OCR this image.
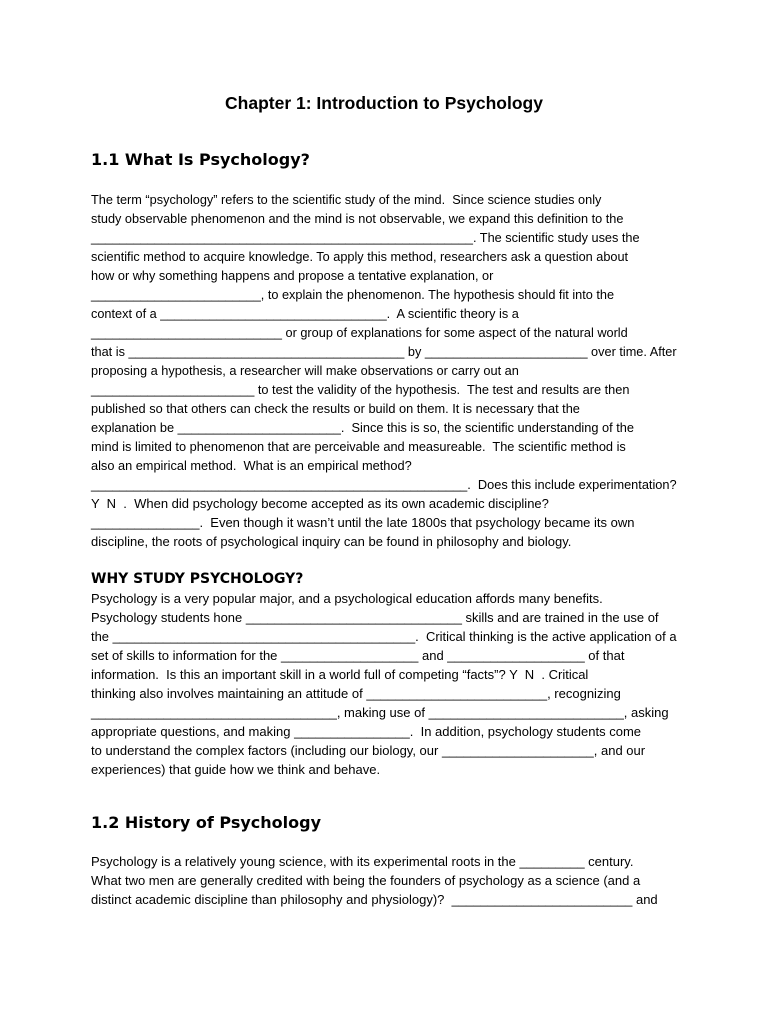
Chapter 1: Introduction to Psychology
1.1 What Is Psychology?
The term “psychology” refers to the scientific study of the mind.  Since science studies only
study observable phenomenon and the mind is not observable, we expand this definition to the
______________________________________________________. The scientific study uses the
scientific method to acquire knowledge. To apply this method, researchers ask a question about
how or why something happens and propose a tentative explanation, or
________________________, to explain the phenomenon. The hypothesis should fit into the
context of a ________________________________.  A scientific theory is a
___________________________ or group of explanations for some aspect of the natural world
that is _______________________________________ by _______________________ over time. After
proposing a hypothesis, a researcher will make observations or carry out an
_______________________ to test the validity of the hypothesis.  The test and results are then
published so that others can check the results or build on them. It is necessary that the
explanation be _______________________.  Since this is so, the scientific understanding of the
mind is limited to phenomenon that are perceivable and measureable.  The scientific method is
also an empirical method.  What is an empirical method?
_____________________________________________________.  Does this include experimentation?
Y  N  .  When did psychology become accepted as its own academic discipline?
_______________.  Even though it wasn’t until the late 1800s that psychology became its own
discipline, the roots of psychological inquiry can be found in philosophy and biology.
WHY STUDY PSYCHOLOGY?
Psychology is a very popular major, and a psychological education affords many benefits.
Psychology students hone ______________________________ skills and are trained in the use of
the __________________________________________.  Critical thinking is the active application of a
set of skills to information for the ___________________ and ___________________ of that
information.  Is this an important skill in a world full of competing “facts”? Y  N  . Critical
thinking also involves maintaining an attitude of _________________________, recognizing
__________________________________, making use of ___________________________, asking
appropriate questions, and making ________________.  In addition, psychology students come
to understand the complex factors (including our biology, our _____________________, and our
experiences) that guide how we think and behave.
1.2 History of Psychology
Psychology is a relatively young science, with its experimental roots in the _________ century.
What two men are generally credited with being the founders of psychology as a science (and a
distinct academic discipline than philosophy and physiology)?  _________________________ and
